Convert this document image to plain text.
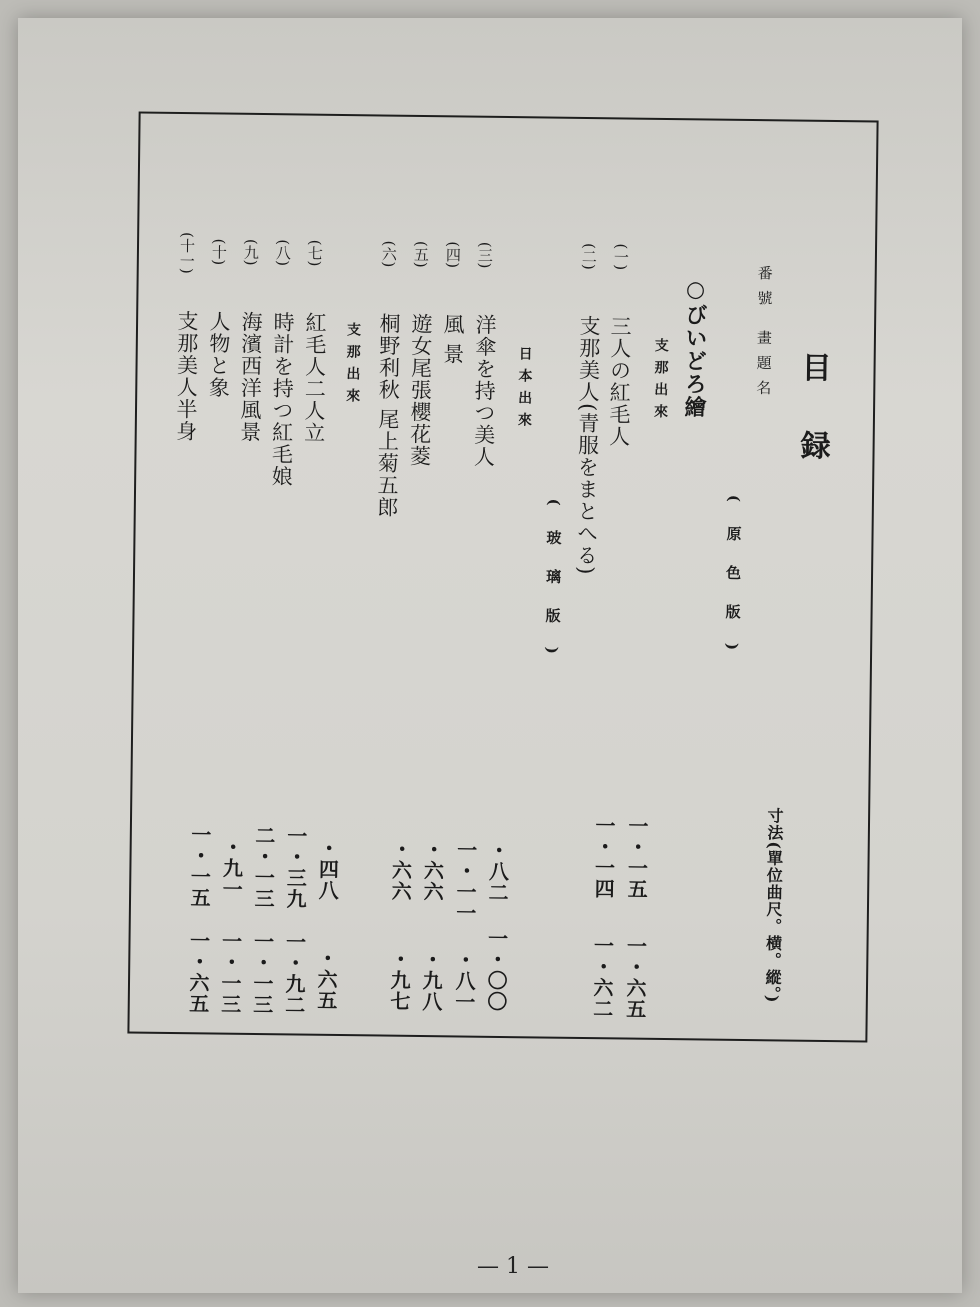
目録
番號 畫題名
寸法(單位曲尺。横。縱。)
(原色版)
○びいどろ繪
支那出來
(一)
三人の紅毛人
一・一五
一・六五
(二)
支那美人(青服をまとへる)
一・一四
一・六二
(玻璃版)
日本出來
(三)
洋傘を持つ美人
・八二
一・〇〇
(四)
風 景
一・一一
・八一
(五)
遊女尾張櫻花菱
・六六
・九八
(六)
桐野利秋 尾上菊五郎
・六六
・九七
支那出來
(七)
紅毛人二人立
・四八
・六五
(八)
時計を持つ紅毛娘
一・三九
一・九二
(九)
海濱西洋風景
二・一三
一・一三
(十)
人物と象
・九一
一・一三
(十一)
支那美人半身
一・一五
一・六五
— 1 —
